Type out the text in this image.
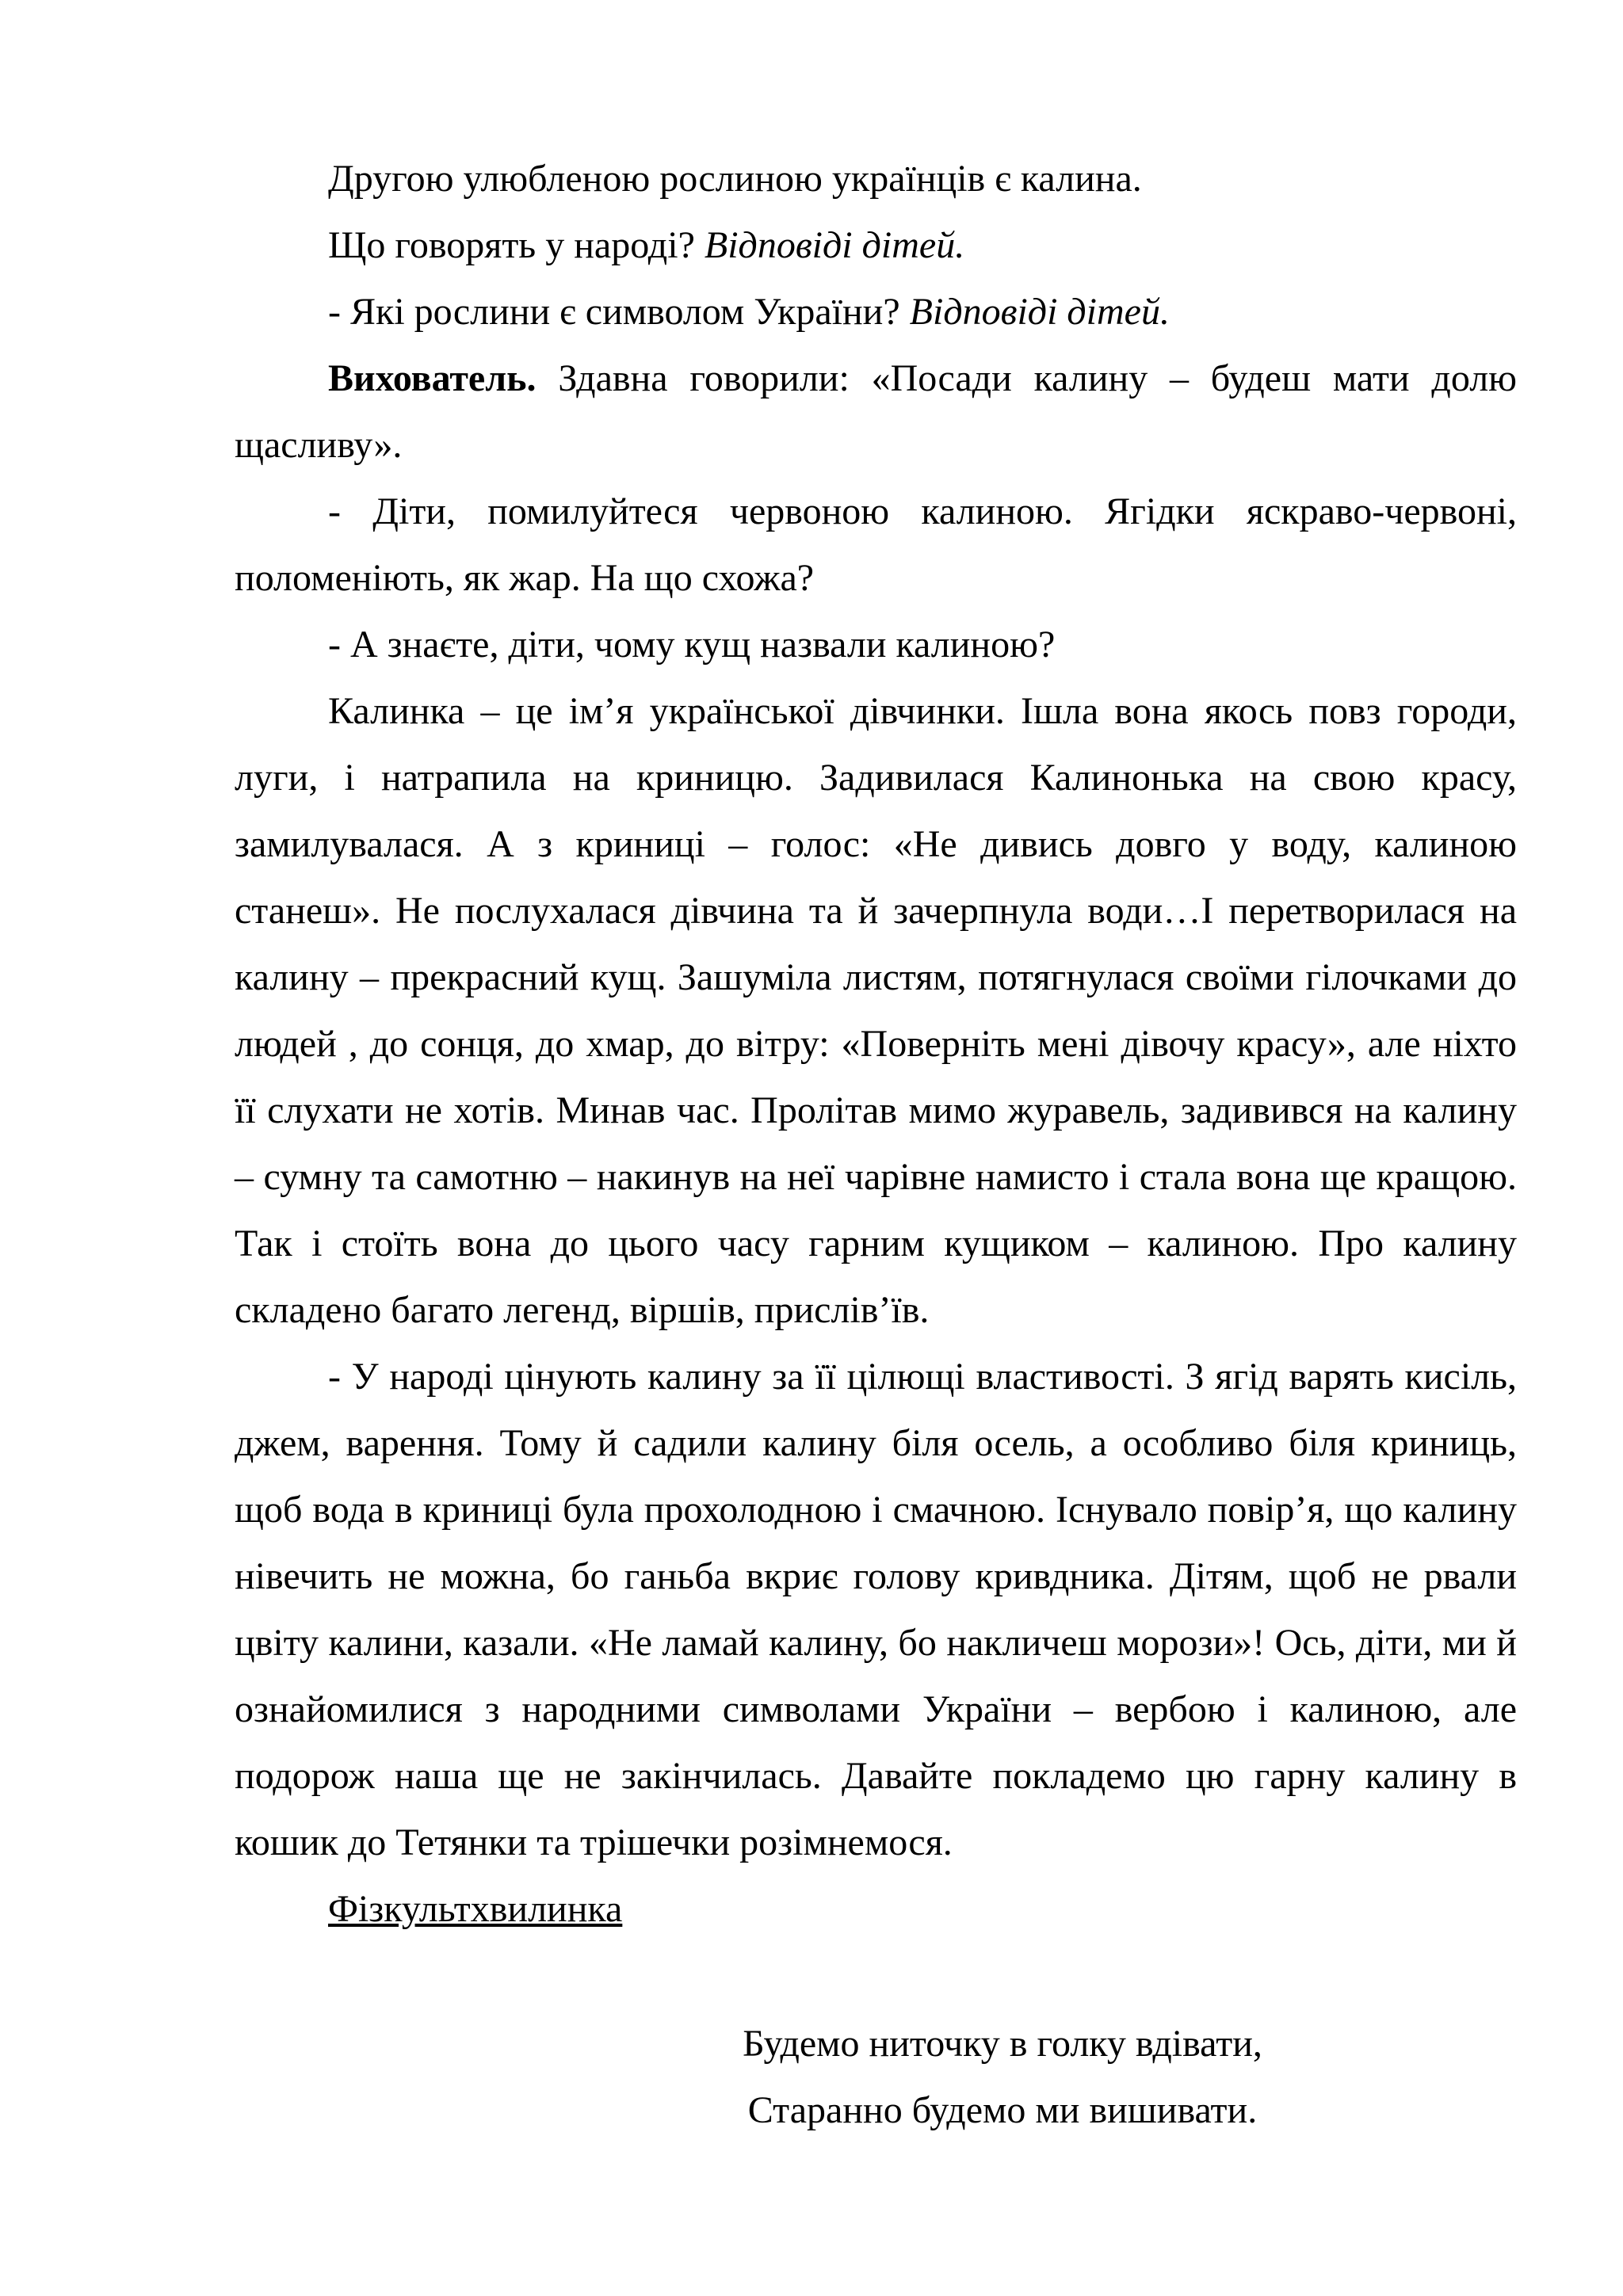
Другою улюбленою рослиною українців є калина.

Що говорять у народі? Відповіді дітей.

- Які рослини є символом України? Відповіді дітей.

Вихователь. Здавна говорили: «Посади калину – будеш мати долю щасливу».

- Діти, помилуйтеся червоною калиною. Ягідки яскраво-червоні, поломеніють, як жар. На що схожа?

- А знаєте, діти, чому кущ назвали калиною?

Калинка – це ім’я української дівчинки. Ішла вона якось повз городи, луги, і натрапила на криницю. Задивилася Калинонька на свою красу, замилувалася. А з криниці – голос: «Не дивись довго у воду, калиною станеш». Не послухалася дівчина та й зачерпнула води…І перетворилася на калину – прекрасний кущ. Зашуміла листям, потягнулася своїми гілочками до людей , до сонця, до хмар, до вітру: «Поверніть мені дівочу красу», але ніхто її слухати не хотів. Минав час. Пролітав мимо журавель, задивився на калину – сумну та самотню – накинув на неї чарівне намисто і стала вона ще кращою. Так і стоїть вона до цього часу гарним кущиком – калиною. Про калину складено багато легенд, віршів, прислів’їв.

- У народі цінують калину за її цілющі властивості. З ягід варять кисіль, джем, варення. Тому й садили калину біля осель, а особливо біля криниць, щоб вода в криниці була прохолодною і смачною. Існувало повір’я, що калину нівечить не можна, бо ганьба вкриє голову кривдника. Дітям, щоб не рвали цвіту калини, казали. «Не ламай калину, бо накличеш морози»! Ось, діти, ми й ознайомилися з народними символами України – вербою і калиною, але подорож наша ще не закінчилась. Давайте покладемо цю гарну калину в кошик до Тетянки та трішечки розімнемося.

Фізкультхвилинка

Будемо ниточку в голку вдівати,

Старанно будемо ми вишивати.
